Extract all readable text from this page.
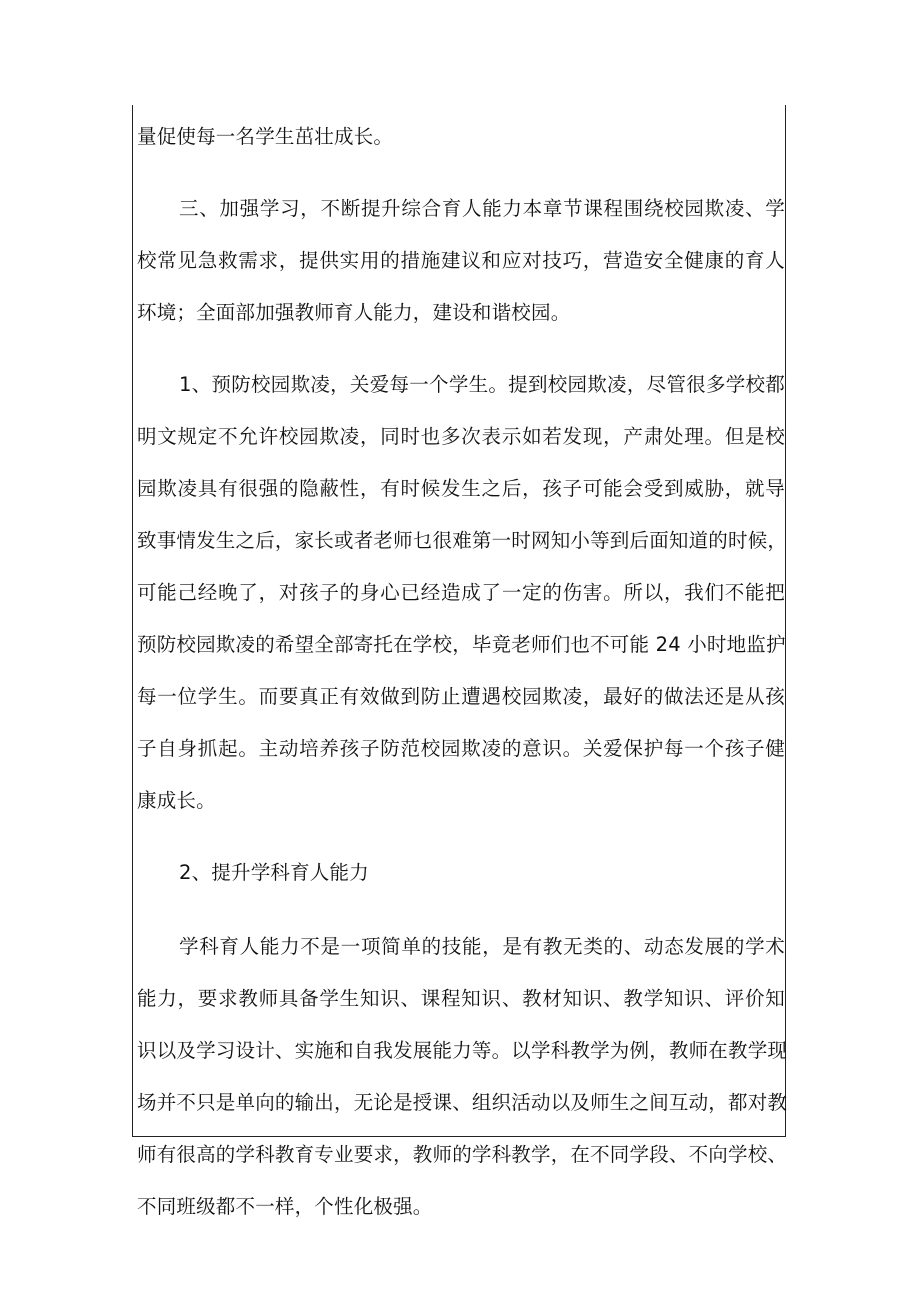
量促使每一名学生茁壮成长。
三、加强学习，不断提升综合育人能力本章节课程围绕校园欺凌、学
校常见急救需求，提供实用的措施建议和应对技巧，营造安全健康的育人
环境；全面部加强教师育人能力，建设和谐校园。
1、预防校园欺凌，关爱每一个学生。提到校园欺凌，尽管很多学校都
明文规定不允许校园欺凌，同时也多次表示如若发现，产肃处理。但是校
园欺凌具有很强的隐蔽性，有时候发生之后，孩子可能会受到威胁，就导
致事情发生之后，家长或者老师乜很难第一时网知小等到后面知道的时候，
可能己经晚了，对孩子的身心已经造成了一定的伤害。所以，我们不能把
预防校园欺凌的希望全部寄托在学校，毕竟老师们也不可能 24 小时地监护
每一位学生。而要真正有效做到防止遭遇校园欺凌，最好的做法还是从孩
子自身抓起。主动培养孩子防范校园欺凌的意识。关爱保护每一个孩子健
康成长。
2、提升学科育人能力
学科育人能力不是一项简单的技能，是有教无类的、动态发展的学术
能力，要求教师具备学生知识、课程知识、教材知识、教学知识、评价知
识以及学习设计、实施和自我发展能力等。以学科教学为例，教师在教学现
场并不只是单向的输出，无论是授课、组织活动以及师生之间互动，都对教
师有很高的学科教育专业要求，教师的学科教学，在不同学段、不向学校、
不同班级都不一样，个性化极强。
